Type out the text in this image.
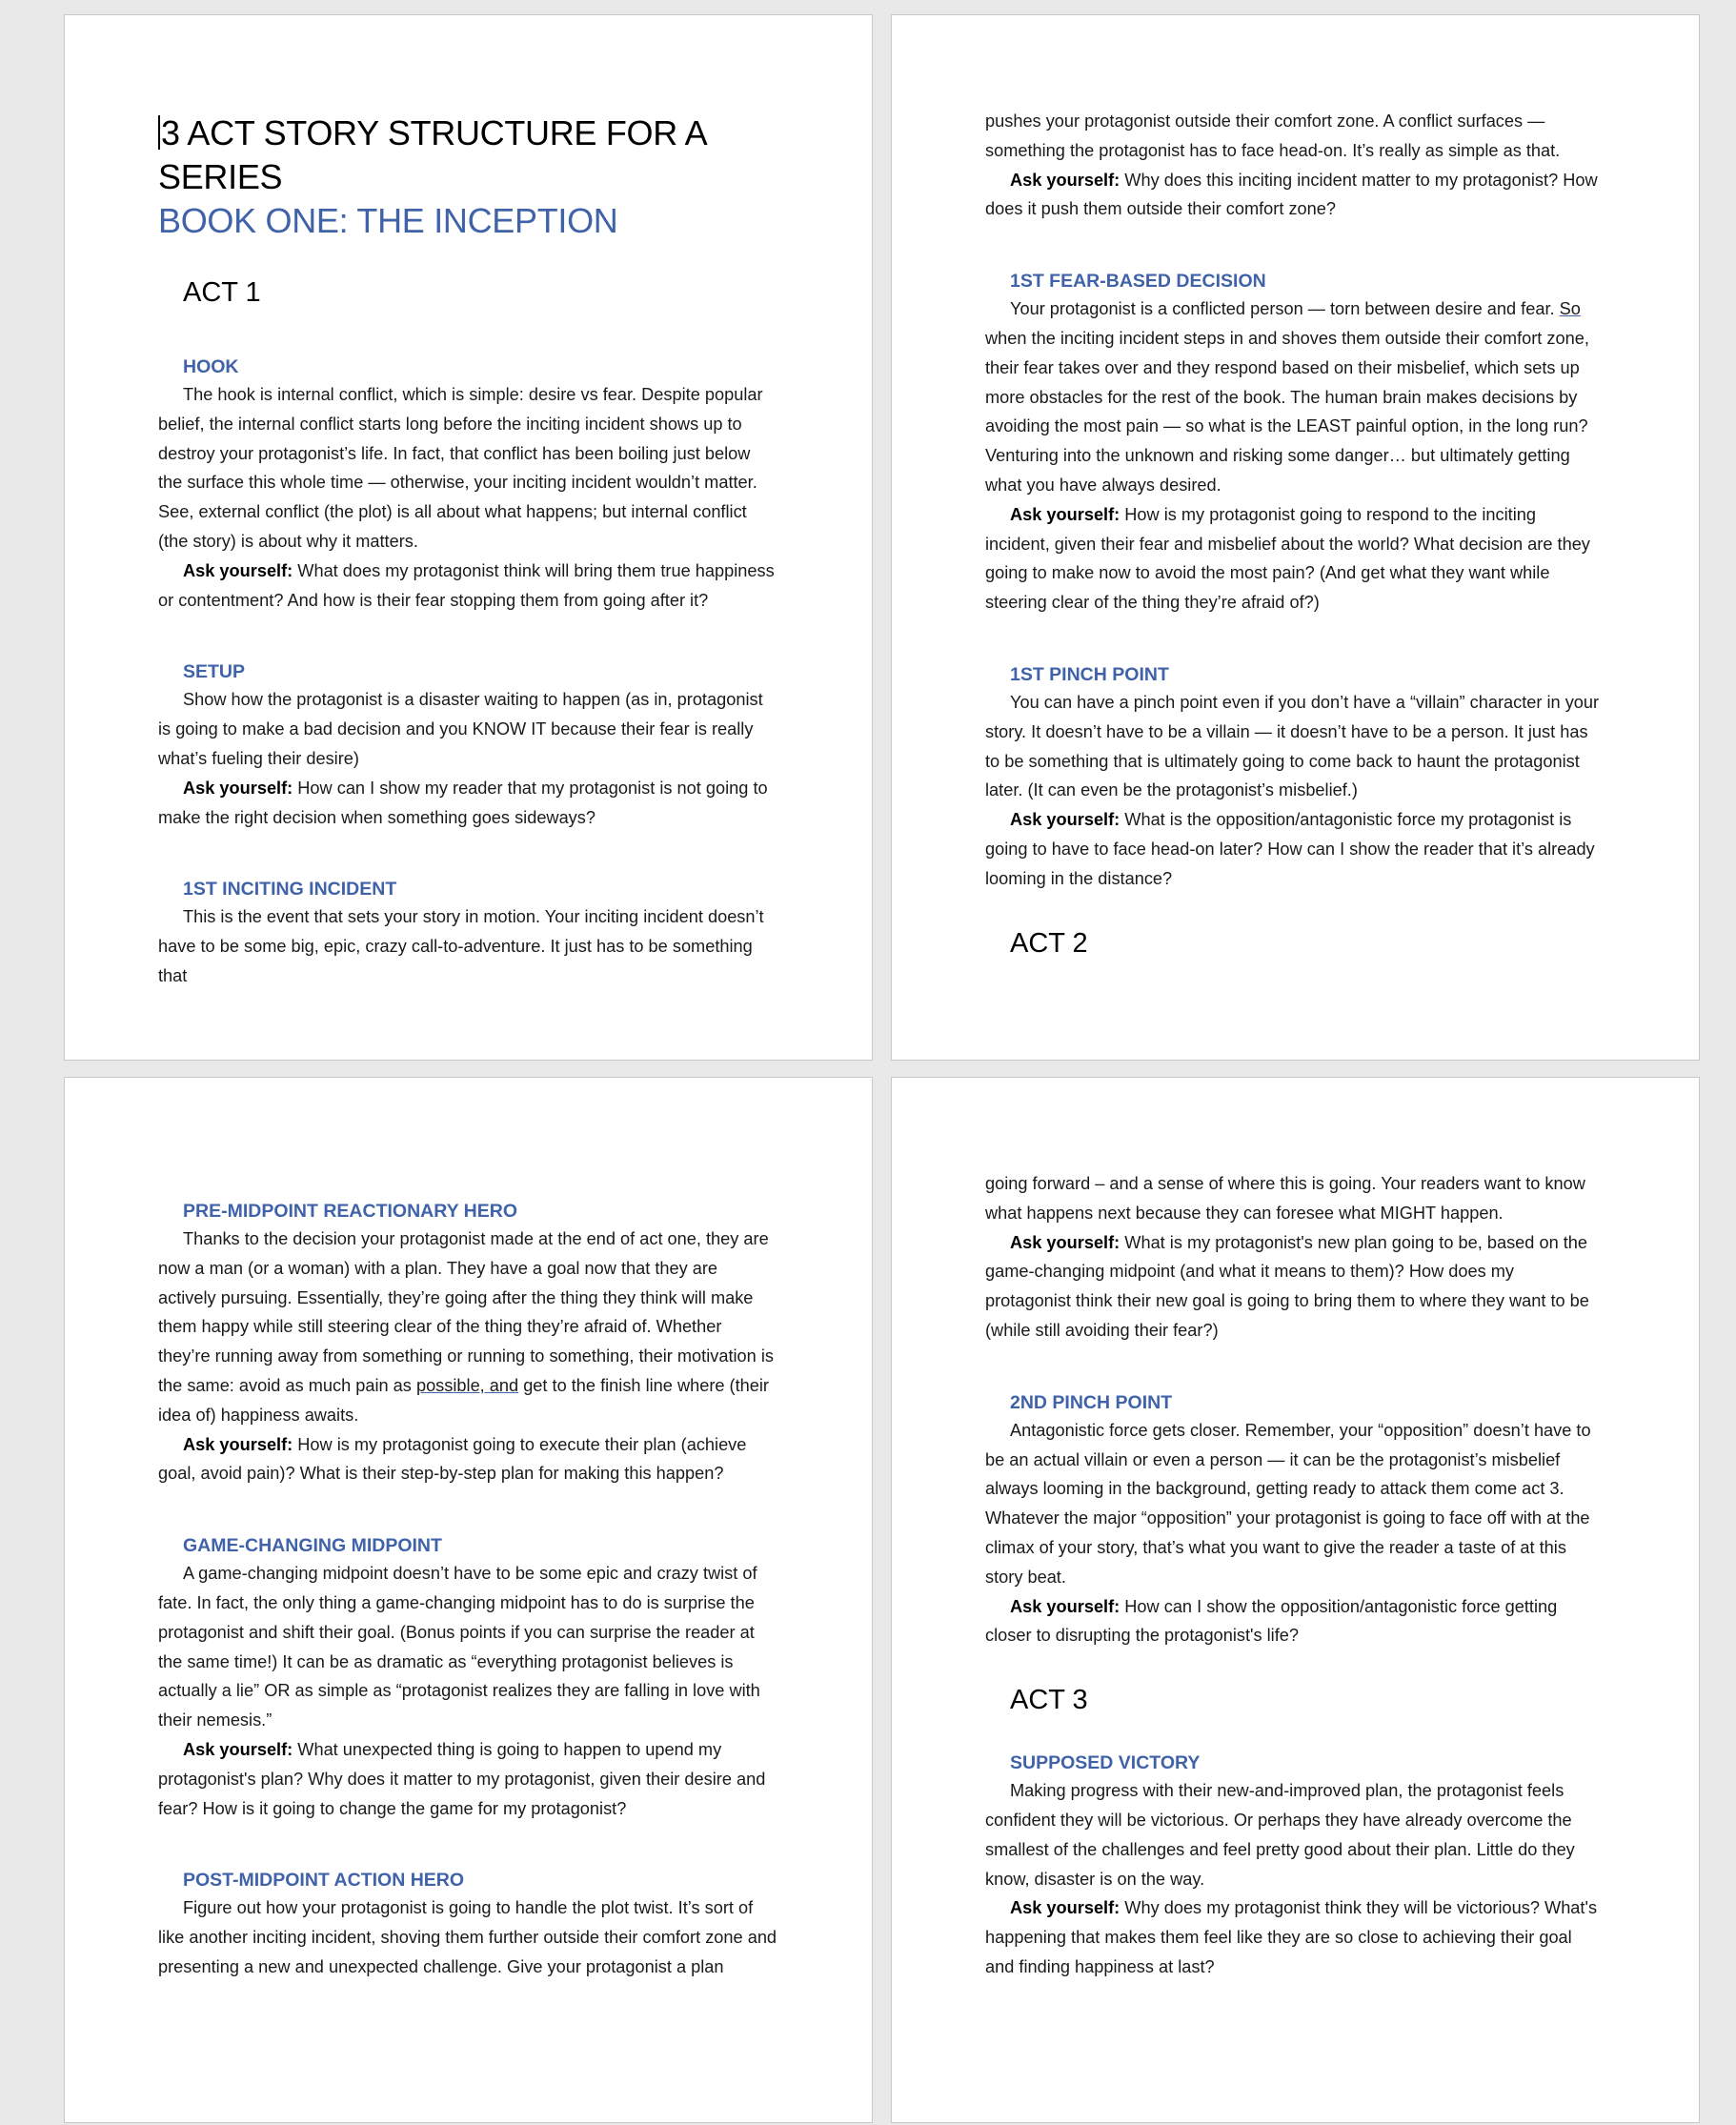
3 ACT STORY STRUCTURE FOR A SERIES
BOOK ONE: THE INCEPTION
ACT 1
HOOK

The hook is internal conflict, which is simple: desire vs fear. Despite popular belief, the internal conflict starts long before the inciting incident shows up to destroy your protagonist’s life. In fact, that conflict has been boiling just below the surface this whole time — otherwise, your inciting incident wouldn’t matter. See, external conflict (the plot) is all about what happens; but internal conflict (the story) is about why it matters.

Ask yourself: What does my protagonist think will bring them true happiness or contentment? And how is their fear stopping them from going after it?

SETUP

Show how the protagonist is a disaster waiting to happen (as in, protagonist is going to make a bad decision and you KNOW IT because their fear is really what’s fueling their desire)

Ask yourself: How can I show my reader that my protagonist is not going to make the right decision when something goes sideways?

1ST INCITING INCIDENT

This is the event that sets your story in motion. Your inciting incident doesn’t have to be some big, epic, crazy call-to-adventure. It just has to be something that

pushes your protagonist outside their comfort zone. A conflict surfaces — something the protagonist has to face head-on. It’s really as simple as that.

Ask yourself: Why does this inciting incident matter to my protagonist? How does it push them outside their comfort zone?

1ST FEAR-BASED DECISION

Your protagonist is a conflicted person — torn between desire and fear. So when the inciting incident steps in and shoves them outside their comfort zone, their fear takes over and they respond based on their misbelief, which sets up more obstacles for the rest of the book. The human brain makes decisions by avoiding the most pain — so what is the LEAST painful option, in the long run? Venturing into the unknown and risking some danger… but ultimately getting what you have always desired.

Ask yourself: How is my protagonist going to respond to the inciting incident, given their fear and misbelief about the world? What decision are they going to make now to avoid the most pain? (And get what they want while steering clear of the thing they’re afraid of?)

1ST PINCH POINT

You can have a pinch point even if you don’t have a “villain” character in your story. It doesn’t have to be a villain — it doesn’t have to be a person. It just has to be something that is ultimately going to come back to haunt the protagonist later. (It can even be the protagonist’s misbelief.)

Ask yourself: What is the opposition/antagonistic force my protagonist is going to have to face head-on later? How can I show the reader that it’s already looming in the distance?

ACT 2
PRE-MIDPOINT REACTIONARY HERO

Thanks to the decision your protagonist made at the end of act one, they are now a man (or a woman) with a plan. They have a goal now that they are actively pursuing. Essentially, they’re going after the thing they think will make them happy while still steering clear of the thing they’re afraid of. Whether they’re running away from something or running to something, their motivation is the same: avoid as much pain as possible, and get to the finish line where (their idea of) happiness awaits.

Ask yourself: How is my protagonist going to execute their plan (achieve goal, avoid pain)? What is their step-by-step plan for making this happen?

GAME-CHANGING MIDPOINT

A game-changing midpoint doesn’t have to be some epic and crazy twist of fate. In fact, the only thing a game-changing midpoint has to do is surprise the protagonist and shift their goal. (Bonus points if you can surprise the reader at the same time!) It can be as dramatic as “everything protagonist believes is actually a lie” OR as simple as “protagonist realizes they are falling in love with their nemesis.”

Ask yourself: What unexpected thing is going to happen to upend my protagonist's plan? Why does it matter to my protagonist, given their desire and fear? How is it going to change the game for my protagonist?

POST-MIDPOINT ACTION HERO

Figure out how your protagonist is going to handle the plot twist. It’s sort of like another inciting incident, shoving them further outside their comfort zone and presenting a new and unexpected challenge. Give your protagonist a plan

going forward – and a sense of where this is going. Your readers want to know what happens next because they can foresee what MIGHT happen.

Ask yourself: What is my protagonist's new plan going to be, based on the game-changing midpoint (and what it means to them)? How does my protagonist think their new goal is going to bring them to where they want to be (while still avoiding their fear?)

2ND PINCH POINT

Antagonistic force gets closer. Remember, your “opposition” doesn’t have to be an actual villain or even a person — it can be the protagonist’s misbelief always looming in the background, getting ready to attack them come act 3. Whatever the major “opposition” your protagonist is going to face off with at the climax of your story, that’s what you want to give the reader a taste of at this story beat.

Ask yourself: How can I show the opposition/antagonistic force getting closer to disrupting the protagonist's life?

ACT 3
SUPPOSED VICTORY

Making progress with their new-and-improved plan, the protagonist feels confident they will be victorious. Or perhaps they have already overcome the smallest of the challenges and feel pretty good about their plan. Little do they know, disaster is on the way.

Ask yourself: Why does my protagonist think they will be victorious? What's happening that makes them feel like they are so close to achieving their goal and finding happiness at last?
